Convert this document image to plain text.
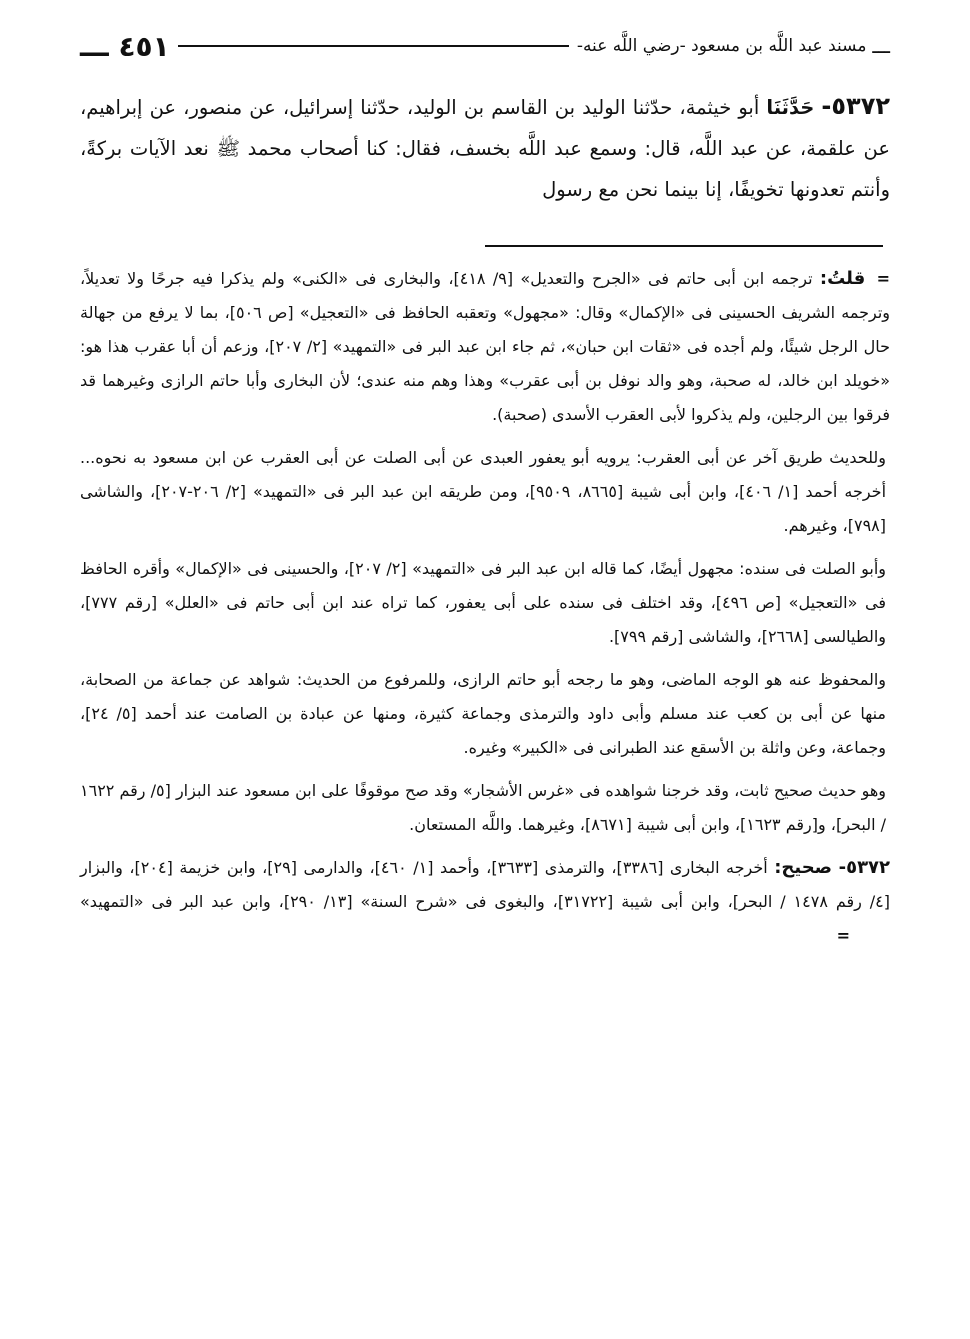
ـــ
مسند عبد اللَّه بن مسعود -رضي اللَّه عنه-
٤٥١ ـــ
٥٣٧٢- حَدَّثَنَا أبو خيثمة، حدّثنا الوليد بن القاسم بن الوليد، حدّثنا إسرائيل، عن منصور، عن إبراهيم، عن علقمة، عن عبد اللَّه، قال: وسمع عبد اللَّه بخسف، فقال: كنا أصحاب محمد ﷺ نعد الآيات بركةً، وأنتم تعدونها تخويفًا، إنا بينما نحن مع رسول

= قلتُ: ترجمه ابن أبى حاتم فى «الجرح والتعديل» [٩/ ٤١٨]، والبخارى فى «الكنى» ولم يذكرا فيه جرحًا ولا تعديلاً، وترجمه الشريف الحسينى فى «الإكمال» وقال: «مجهول» وتعقبه الحافظ فى «التعجيل» [ص ٥٠٦]، بما لا يرفع من جهالة حال الرجل شيئًا، ولم أجده فى «ثقات ابن حبان»، ثم جاء ابن عبد البر فى «التمهيد» [٢/ ٢٠٧]، وزعم أن أبا عقرب هذا هو: «خويلد ابن خالد، له صحبة، وهو والد نوفل بن أبى عقرب» وهذا وهم منه عندى؛ لأن البخارى وأبا حاتم الرازى وغيرهما قد فرقوا بين الرجلين، ولم يذكروا لأبى العقرب الأسدى (صحبة).

وللحديث طريق آخر عن أبى العقرب: يرويه أبو يعفور العبدى عن أبى الصلت عن أبى العقرب عن ابن مسعود به نحوه... أخرجه أحمد [١/ ٤٠٦]، وابن أبى شيبة [٨٦٦٥، ٩٥٠٩]، ومن طريقه ابن عبد البر فى «التمهيد» [٢/ ٢٠٦-٢٠٧]، والشاشى [٧٩٨]، وغيرهم.

وأبو الصلت فى سنده: مجهول أيضًا، كما قاله ابن عبد البر فى «التمهيد» [٢/ ٢٠٧]، والحسينى فى «الإكمال» وأقره الحافظ فى «التعجيل» [ص ٤٩٦]، وقد اختلف فى سنده على أبى يعفور، كما تراه عند ابن أبى حاتم فى «العلل» [رقم ٧٧٧]، والطيالسى [٢٦٦٨]، والشاشى [رقم ٧٩٩].

والمحفوظ عنه هو الوجه الماضى، وهو ما رجحه أبو حاتم الرازى، وللمرفوع من الحديث: شواهد عن جماعة من الصحابة، منها عن أبى بن كعب عند مسلم وأبى داود والترمذى وجماعة كثيرة، ومنها عن عبادة بن الصامت عند أحمد [٥/ ٢٤]، وجماعة، وعن واثلة بن الأسقع عند الطبرانى فى «الكبير» وغيره.

وهو حديث صحيح ثابت، وقد خرجنا شواهده فى «غرس الأشجار» وقد صح موقوفًا على ابن مسعود عند البزار [٥/ رقم ١٦٢٢ / البحر]، و[رقم ١٦٢٣]، وابن أبى شيبة [٨٦٧١]، وغيرهما. واللَّه المستعان.

٥٣٧٢- صحيح: أخرجه البخارى [٣٣٨٦]، والترمذى [٣٦٣٣]، وأحمد [١/ ٤٦٠]، والدارمى [٢٩]، وابن خزيمة [٢٠٤]، والبزار [٤/ رقم ١٤٧٨ / البحر]، وابن أبى شيبة [٣١٧٢٢]، والبغوى فى «شرح السنة» [١٣/ ٢٩٠]، وابن عبد البر فى «التمهيد» =
